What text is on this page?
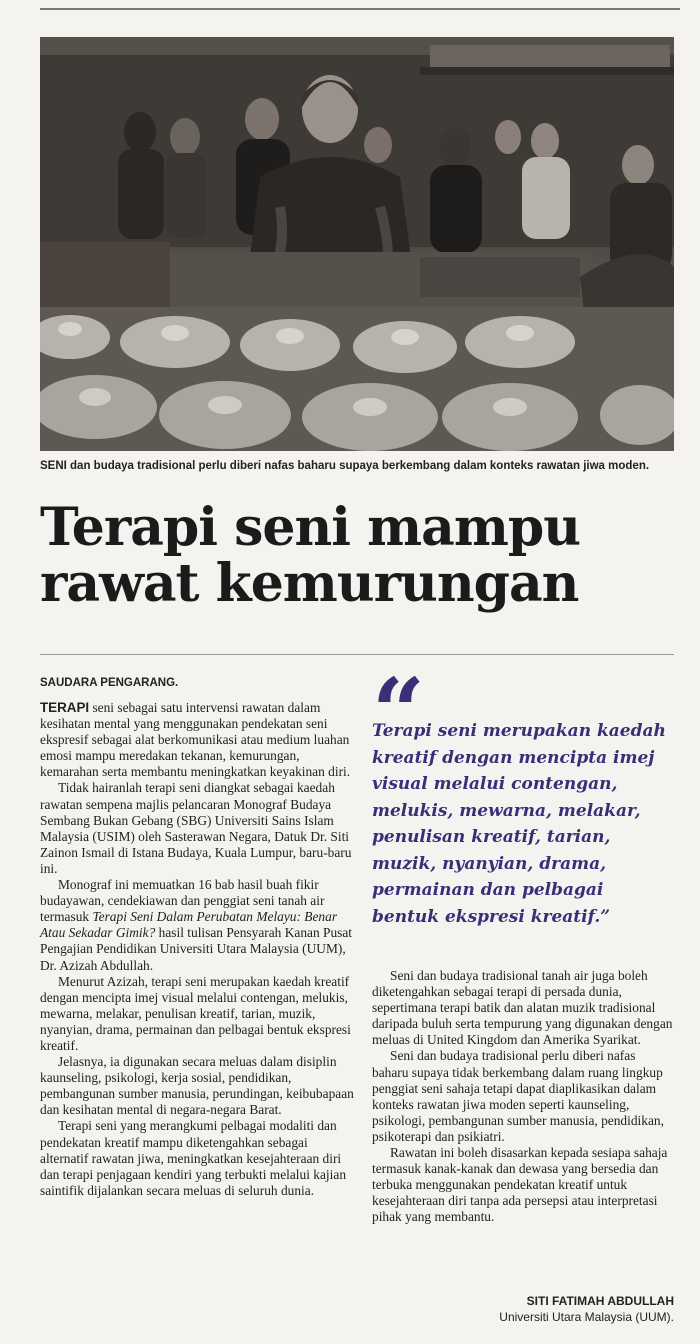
SENI dan budaya tradisional perlu diberi nafas baharu supaya berkembang dalam konteks rawatan jiwa moden.
Terapi seni mampu
rawat kemurungan
SAUDARA PENGARANG.

TERAPI seni sebagai satu intervensi rawatan dalam kesihatan mental yang menggunakan pendekatan seni ekspresif sebagai alat berkomunikasi atau medium luahan emosi mampu meredakan tekanan, kemurungan, kemarahan serta membantu meningkatkan keyakinan diri.

Tidak hairanlah terapi seni diangkat sebagai kaedah rawatan sempena majlis pelancaran Monograf Budaya Sembang Bukan Gebang (SBG) Universiti Sains Islam Malaysia (USIM) oleh Sasterawan Negara, Datuk Dr. Siti Zainon Ismail di Istana Budaya, Kuala Lumpur, baru-baru ini.

Monograf ini memuatkan 16 bab hasil buah fikir budayawan, cendekiawan dan penggiat seni tanah air termasuk Terapi Seni Dalam Perubatan Melayu: Benar Atau Sekadar Gimik? hasil tulisan Pensyarah Kanan Pusat Pengajian Pendidikan Universiti Utara Malaysia (UUM), Dr. Azizah Abdullah.

Menurut Azizah, terapi seni merupakan kaedah kreatif dengan mencipta imej visual melalui contengan, melukis, mewarna, melakar, penulisan kreatif, tarian, muzik, nyanyian, drama, permainan dan pelbagai bentuk ekspresi kreatif.

Jelasnya, ia digunakan secara meluas dalam disiplin kaunseling, psikologi, kerja sosial, pendidikan, pembangunan sumber manusia, perundingan, keibubapaan dan kesihatan mental di negara-negara Barat.

Terapi seni yang merangkumi pelbagai modaliti dan pendekatan kreatif mampu diketengahkan sebagai alternatif rawatan jiwa, meningkatkan kesejahteraan diri dan terapi penjagaan kendiri yang terbukti melalui kajian saintifik dijalankan secara meluas di seluruh dunia.

“
Terapi seni merupakan kaedah kreatif dengan mencipta imej visual melalui contengan, melukis, mewarna, melakar, penulisan kreatif, tarian, muzik, nyanyian, drama, permainan dan pelbagai bentuk ekspresi kreatif.”

Seni dan budaya tradisional tanah air juga boleh diketengahkan sebagai terapi di persada dunia, sepertimana terapi batik dan alatan muzik tradisional daripada buluh serta tempurung yang digunakan dengan meluas di United Kingdom dan Amerika Syarikat.

Seni dan budaya tradisional perlu diberi nafas baharu supaya tidak berkembang dalam ruang lingkup penggiat seni sahaja tetapi dapat diaplikasikan dalam konteks rawatan jiwa moden seperti kaunseling, psikologi, pembangunan sumber manusia, pendidikan, psikoterapi dan psikiatri.

Rawatan ini boleh disasarkan kepada sesiapa sahaja termasuk kanak-kanak dan dewasa yang bersedia dan terbuka menggunakan pendekatan kreatif untuk kesejahteraan diri tanpa ada persepsi atau interpretasi pihak yang membantu.

SITI FATIMAH ABDULLAH
Universiti Utara Malaysia (UUM).
